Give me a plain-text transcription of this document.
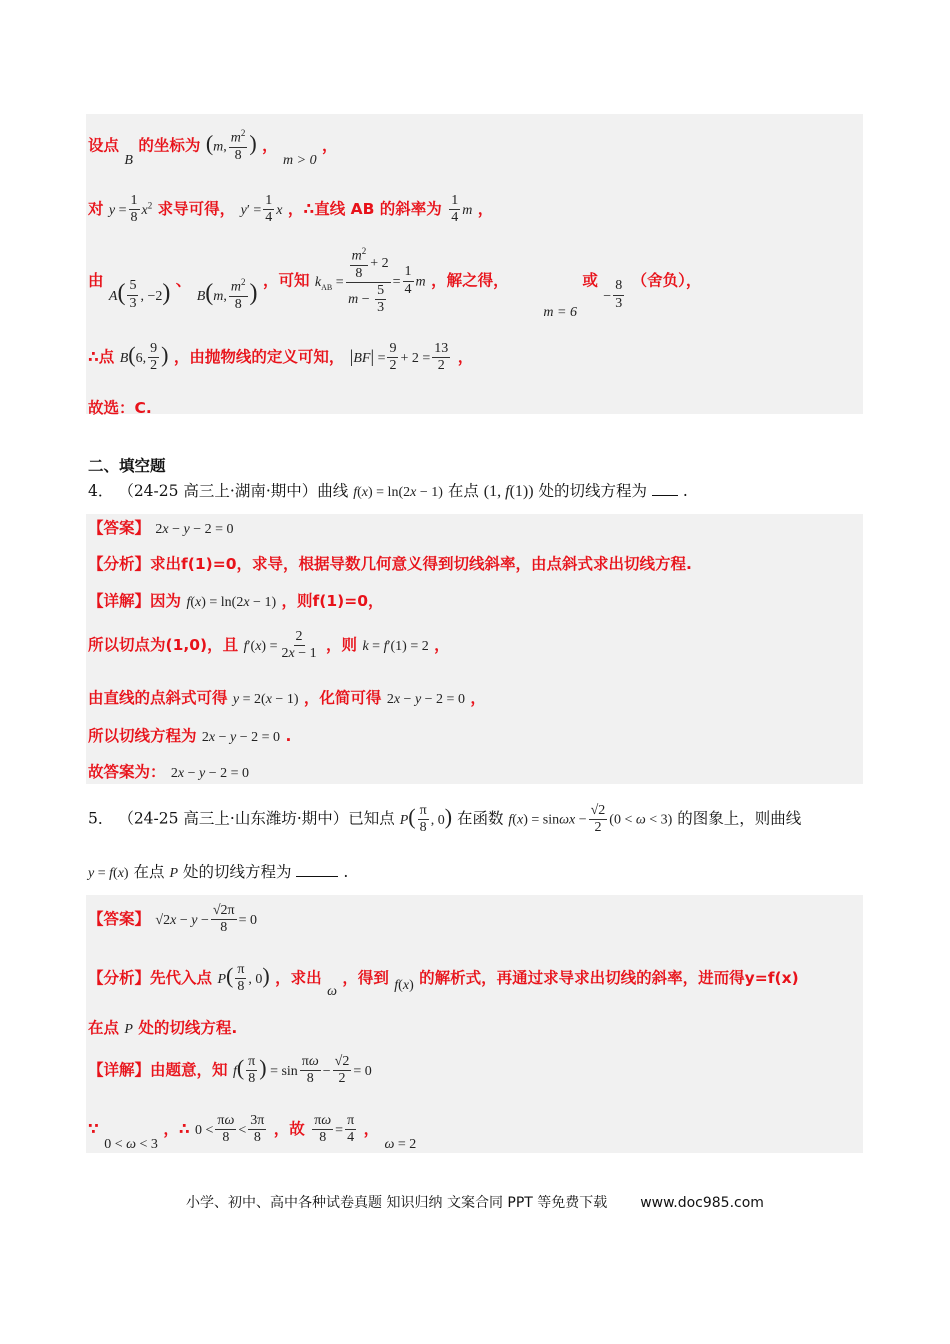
设点 B 的坐标为 (m, $\frac{m^2}{8}$ ) ， m > 0 ，
对 $y = \frac{1}{8} x^2$ 求导可得， $y' = \frac{1}{4}$ x ，∴直线 AB 的斜率为 $\frac{1}{4}$ m ，
由 $A( \frac{5}{3}$ , −2) 、 B(m, $\frac{m^2}{8}$ ) ，可知 $k_{AB} = \frac{\frac{m^2}{8} + 2}{m - \frac{5}{3}} = \frac{1}{4}$ m ，解之得，  m = 6 或 − $\frac{8}{3}$ （舍负），
∴点 B(6, $\frac{9}{2}$ ) ，由抛物线的定义可知， $|BF| = \frac{9}{2} + 2 = \frac{13}{2}$ ，
故选：C.
二、填空题
4． （24-25 高三上·湖南·期中）曲线 f(x) = ln(2x − 1) 在点 (1, f(1)) 处的切线方程为 .
【答案】 2x − y − 2 = 0
【分析】求出f(1)=0，求导，根据导数几何意义得到切线斜率，由点斜式求出切线方程.
【详解】因为 f(x) = ln(2x − 1) ，则f(1)=0，
所以切点为(1,0)，且 $f'(x) = \frac{2}{2x - 1}$ ，则 k = f′(1) = 2 ，
由直线的点斜式可得 y = 2(x − 1) ，化简可得 2x − y − 2 = 0 ，
所以切线方程为 2x − y − 2 = 0 .
故答案为： 2x − y − 2 = 0
5． （24-25 高三上·山东潍坊·期中）已知点 $P( \frac{\pi}{8}$ , 0) 在函数 $f(x) = \sin\omega x - \frac{√2}{2} (0 < \omega < 3)$ 的图象上，则曲线
y = f(x) 在点 P 处的切线方程为	.
【答案】 $√2x - y - \frac{√2\pi}{8} = 0$
【分析】先代入点 $P( \frac{\pi}{8}$ , 0) ，求出 ω ，得到 f(x) 的解析式，再通过求导求出切线的斜率，进而得y=f(x)
在点 P 处的切线方程.
【详解】由题意，知 $f( \frac{\pi}{8}$ ) = $\sin \frac{\pi\omega}{8} - \frac{√2}{2} = 0$
∵ 0 < ω < 3 ，∴ $0 < \frac{\pi\omega}{8} < \frac{3\pi}{8}$ ，故 $\frac{\pi\omega}{8} = \frac{\pi}{4}$ ， ω = 2
小学、初中、高中各种试卷真题 知识归纳 文案合同 PPT 等免费下载 www.doc985.com
